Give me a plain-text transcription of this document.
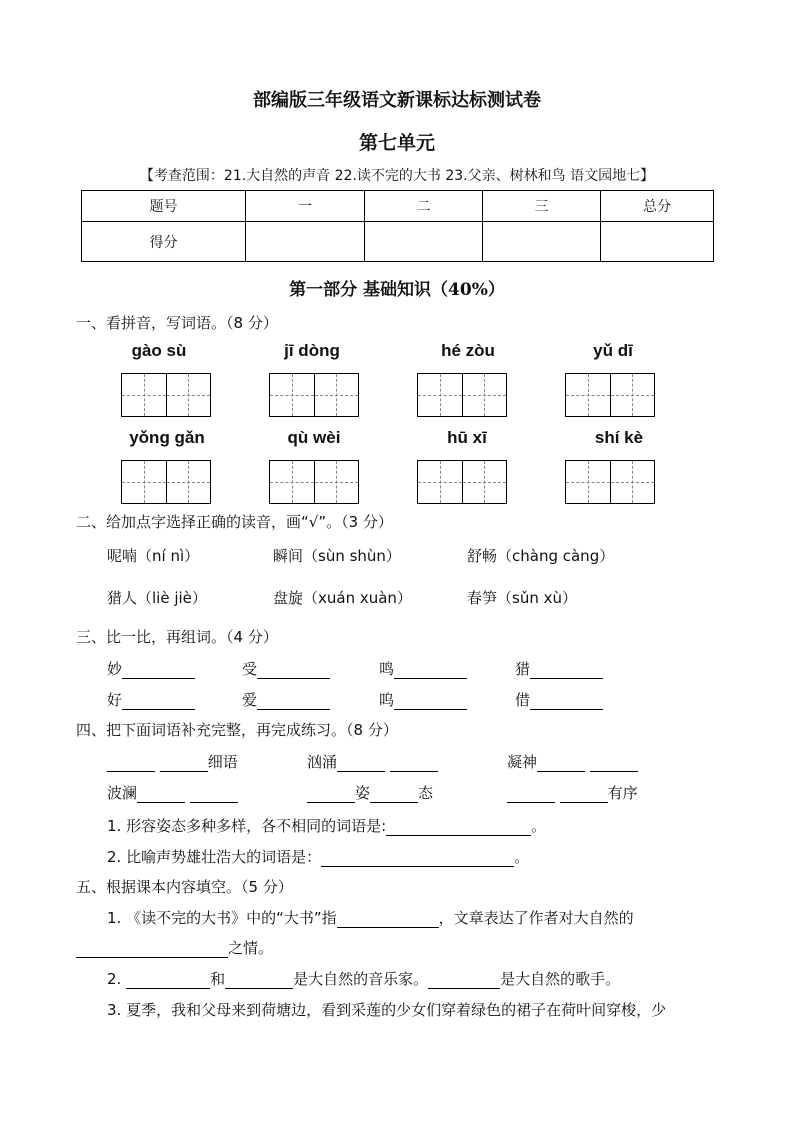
部编版三年级语文新课标达标测试卷
第七单元
【考查范围：21.大自然的声音 22.读不完的大书 23.父亲、树林和鸟 语文园地七】
题号	一	二	三	总分
得分				
第一部分 基础知识（40%）
一、看拼音，写词语。（8 分）
gào sù	jī dòng	hé zòu	yǔ dī
yǒng gǎn	qù wèi	hū xī	shí kè
二、给加点字选择正确的读音，画“√”。（3 分）
呢喃（ní nì）	瞬间（sùn shùn）	舒畅（chàng càng）
猎人（liè jiè）	盘旋（xuán xuàn）	春笋（sǔn xù）
三、比一比，再组词。（4 分）
妙	受	鸣	猎
好	爱	呜	借
四、把下面词语补充完整，再完成练习。（8 分）
细语	汹涌	凝神
波澜	姿	态	有序
1. 形容姿态多种多样，各不相同的词语是:	。
2. 比喻声势雄壮浩大的词语是：	。
五、根据课本内容填空。（5 分）
1. 《读不完的大书》中的“大书”指	，文章表达了作者对大自然的
之情。
2.	和	是大自然的音乐家。	是大自然的歌手。
3. 夏季，我和父母来到荷塘边，看到采莲的少女们穿着绿色的裙子在荷叶间穿梭，少
